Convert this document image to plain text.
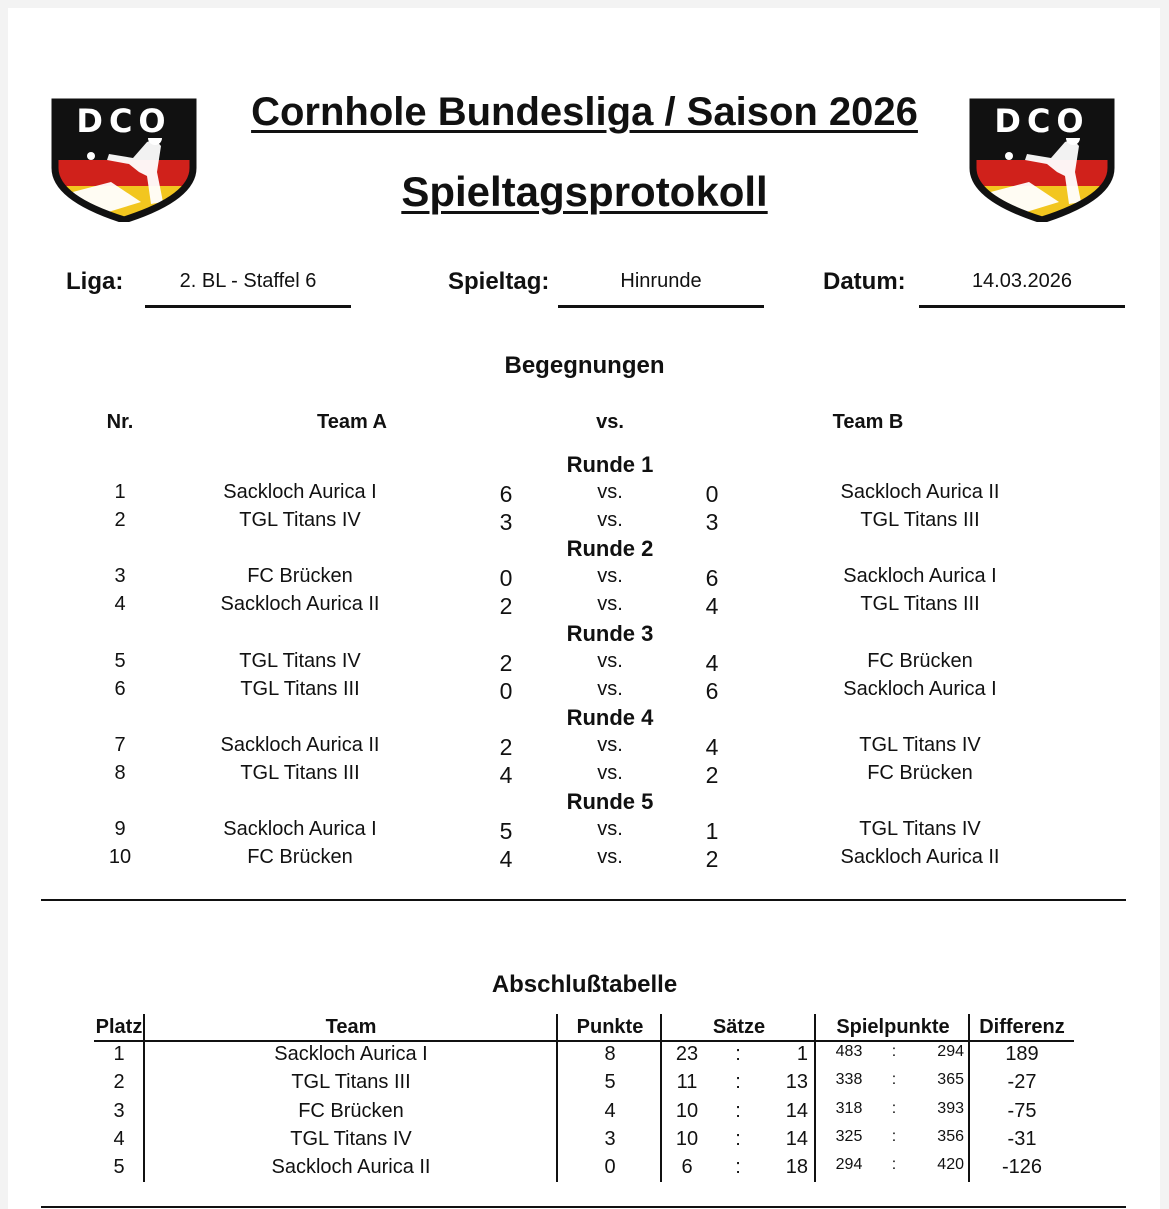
DCO	DCO
Cornhole Bundesliga / Saison 2026
Spieltagsprotokoll
Liga:	2. BL - Staffel 6	Spieltag:	Hinrunde	Datum:	14.03.2026
Begegnungen
Nr.	Team A	vs.	Team B
Runde 1
1	Sackloch Aurica I	6	vs.	0	Sackloch Aurica II
2	TGL Titans IV	3	vs.	3	TGL Titans III
Runde 2
3	FC Brücken	0	vs.	6	Sackloch Aurica I
4	Sackloch Aurica II	2	vs.	4	TGL Titans III
Runde 3
5	TGL Titans IV	2	vs.	4	FC Brücken
6	TGL Titans III	0	vs.	6	Sackloch Aurica I
Runde 4
7	Sackloch Aurica II	2	vs.	4	TGL Titans IV
8	TGL Titans III	4	vs.	2	FC Brücken
Runde 5
9	Sackloch Aurica I	5	vs.	1	TGL Titans IV
10	FC Brücken	4	vs.	2	Sackloch Aurica II
Abschlußtabelle
Platz	Team	Punkte	Sätze	Spielpunkte	Differenz
1	Sackloch Aurica I	8	23	:	1	483	:	294	189
2	TGL Titans III	5	11	:	13	338	:	365	-27
3	FC Brücken	4	10	:	14	318	:	393	-75
4	TGL Titans IV	3	10	:	14	325	:	356	-31
5	Sackloch Aurica II	0	6	:	18	294	:	420	-126
